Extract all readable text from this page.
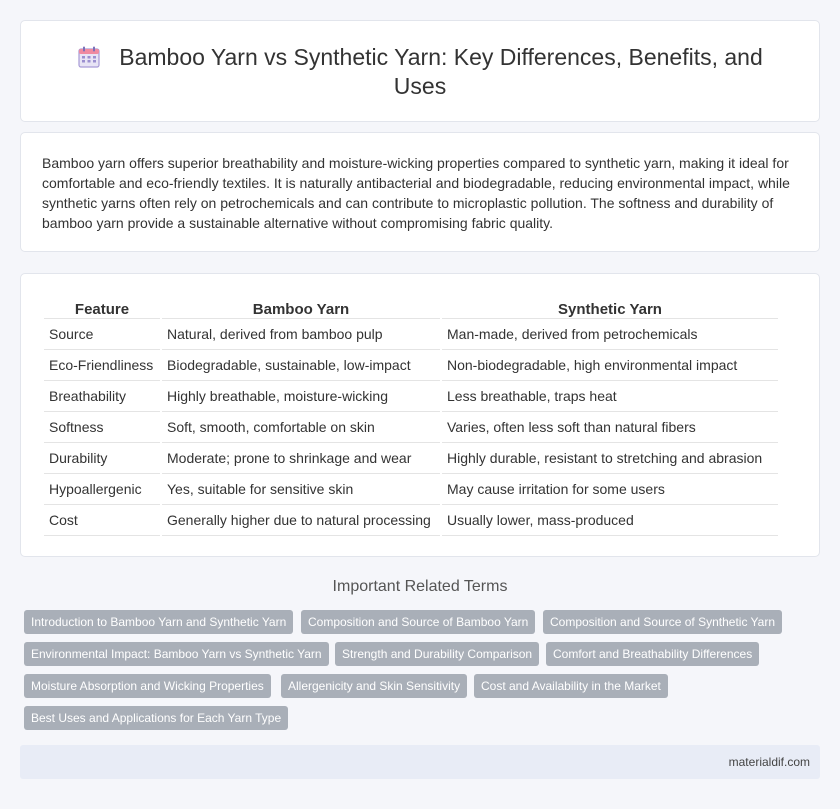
Bamboo Yarn vs Synthetic Yarn: Key Differences, Benefits, and Uses

Bamboo yarn offers superior breathability and moisture-wicking properties compared to synthetic yarn, making it ideal for comfortable and eco-friendly textiles. It is naturally antibacterial and biodegradable, reducing environmental impact, while synthetic yarns often rely on petrochemicals and can contribute to microplastic pollution. The softness and durability of bamboo yarn provide a sustainable alternative without compromising fabric quality.

Feature	Bamboo Yarn	Synthetic Yarn
Source	Natural, derived from bamboo pulp	Man-made, derived from petrochemicals
Eco-Friendliness	Biodegradable, sustainable, low-impact	Non-biodegradable, high environmental impact
Breathability	Highly breathable, moisture-wicking	Less breathable, traps heat
Softness	Soft, smooth, comfortable on skin	Varies, often less soft than natural fibers
Durability	Moderate; prone to shrinkage and wear	Highly durable, resistant to stretching and abrasion
Hypoallergenic	Yes, suitable for sensitive skin	May cause irritation for some users
Cost	Generally higher due to natural processing	Usually lower, mass-produced
Important Related Terms
Introduction to Bamboo Yarn and Synthetic Yarn	Composition and Source of Bamboo Yarn	Composition and Source of Synthetic Yarn
Environmental Impact: Bamboo Yarn vs Synthetic Yarn	Strength and Durability Comparison	Comfort and Breathability Differences
Moisture Absorption and Wicking Properties	Allergenicity and Skin Sensitivity	Cost and Availability in the Market
Best Uses and Applications for Each Yarn Type
materialdif.com
